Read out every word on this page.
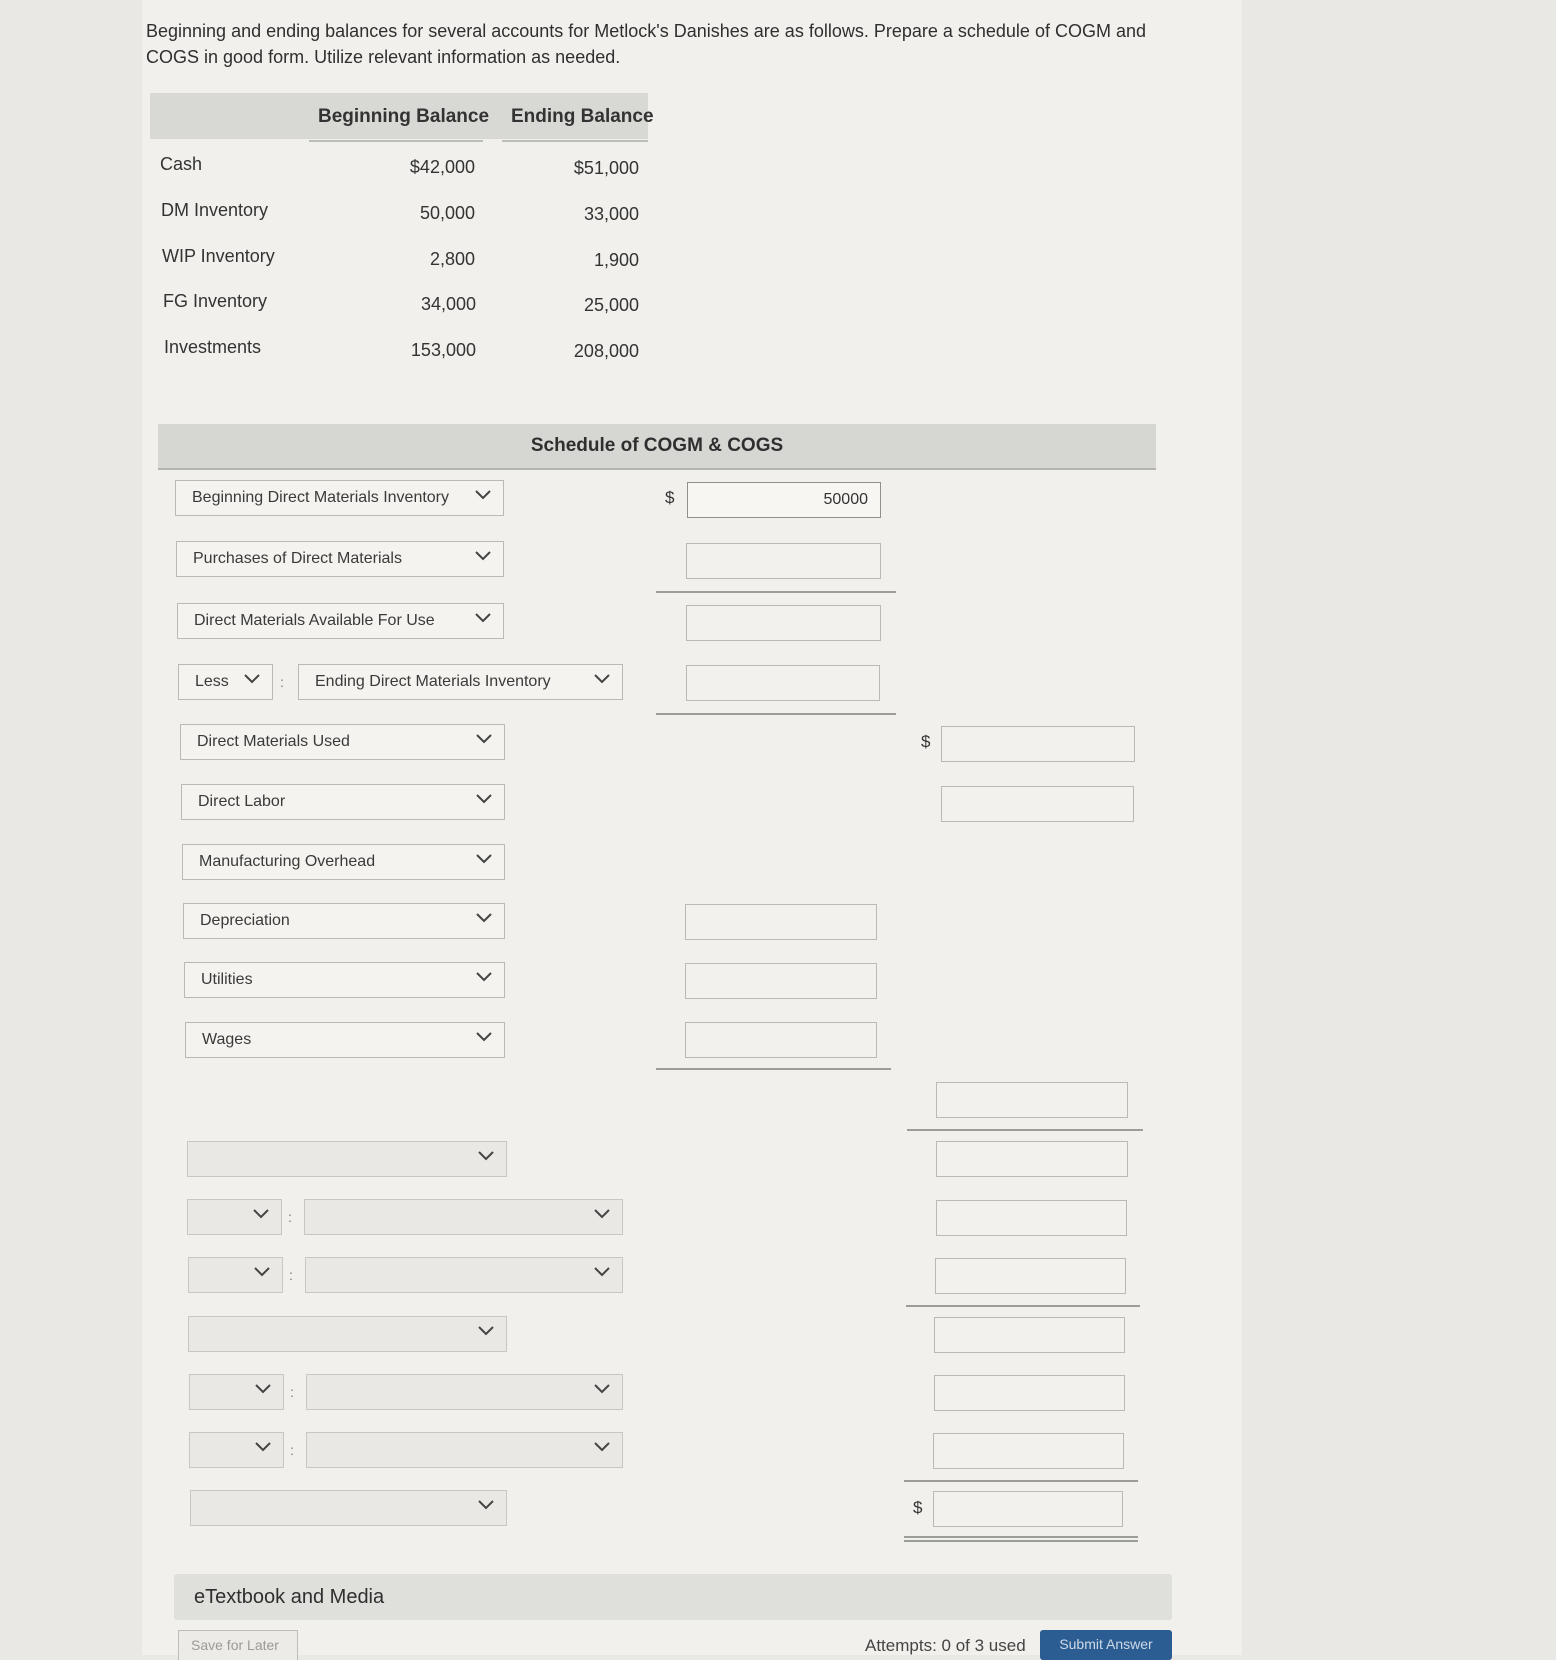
Beginning and ending balances for several accounts for Metlock's Danishes are as follows. Prepare a schedule of COGM and COGS in good form. Utilize relevant information as needed.
Beginning Balance Ending Balance
Cash	$42,000	$51,000
DM Inventory	50,000	33,000
WIP Inventory	2,800	1,900
FG Inventory	34,000	25,000
Investments	153,000	208,000
Schedule of COGM & COGS
Beginning Direct Materials Inventory	$	50000
Purchases of Direct Materials
Direct Materials Available For Use
Less	:	Ending Direct Materials Inventory
Direct Materials Used	$
Direct Labor
Manufacturing Overhead
Depreciation
Utilities
Wages
:
:
:
:
$
eTextbook and Media
Save for Later	Attempts: 0 of 3 used	Submit Answer
